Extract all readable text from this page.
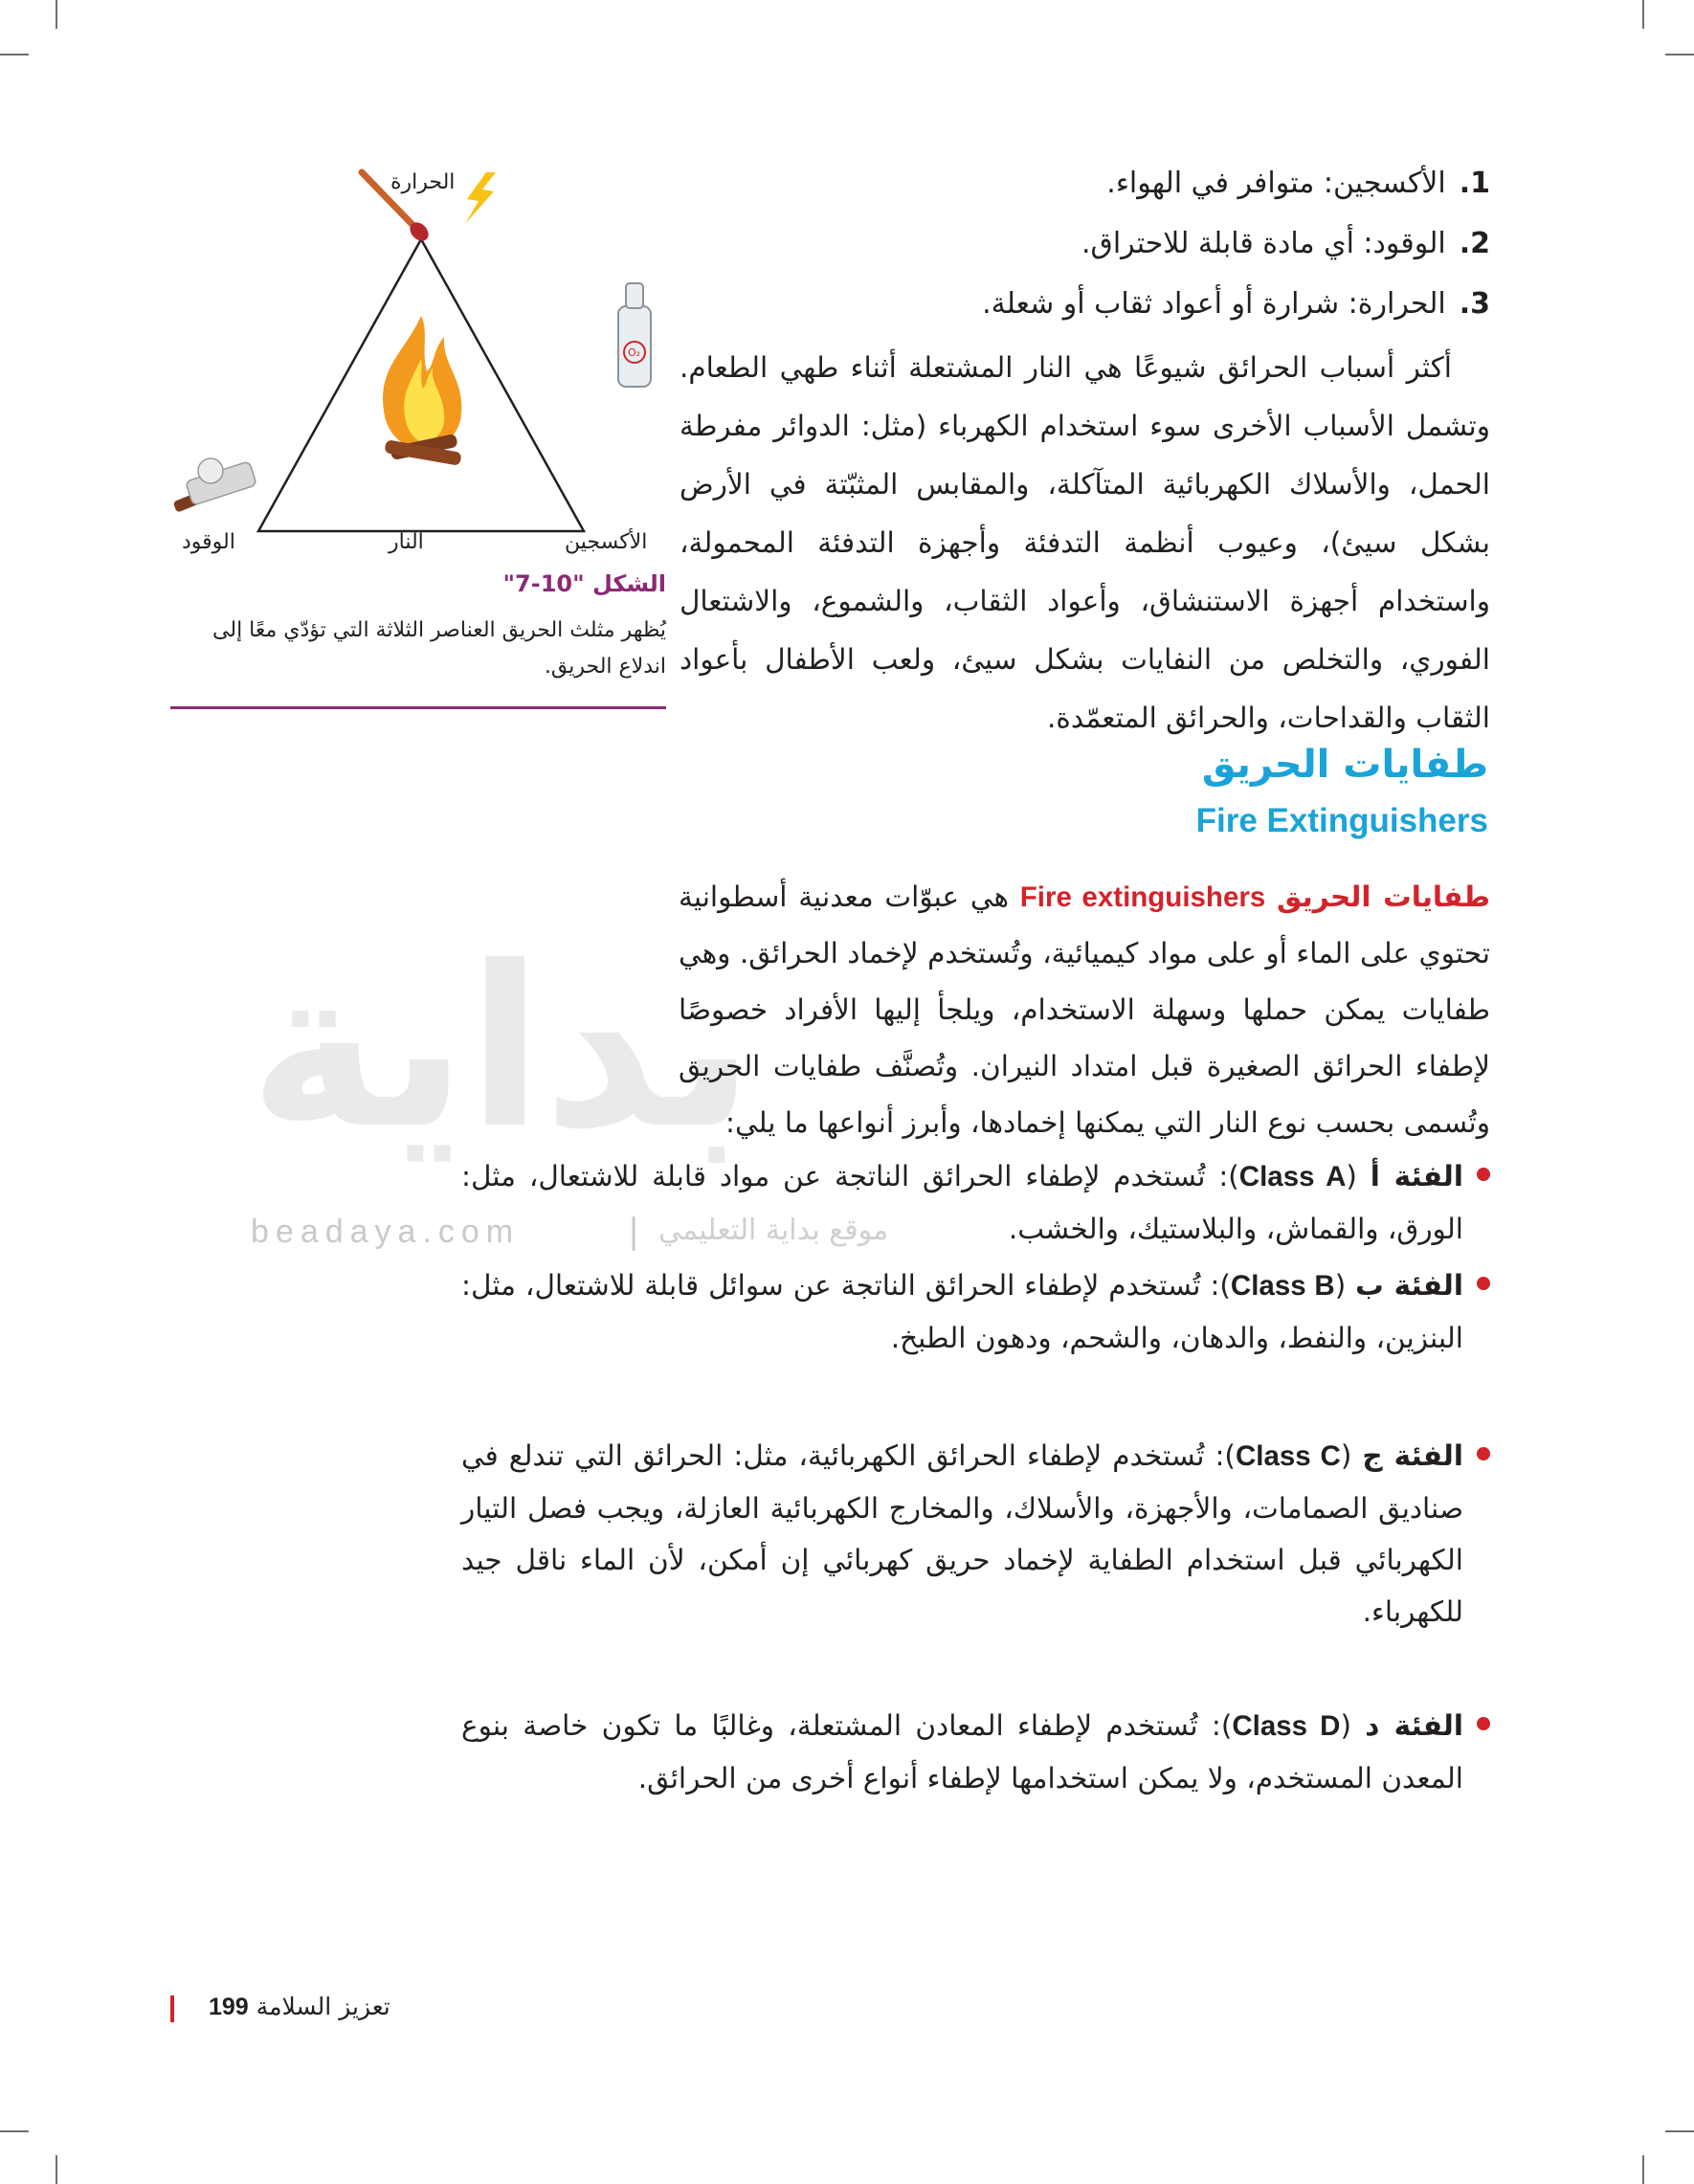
بداية
beadaya.com	| موقع بداية التعليمي
1.الأكسجين: متوافر في الهواء.
2.الوقود: أي مادة قابلة للاحتراق.
3.الحرارة: شرارة أو أعواد ثقاب أو شعلة.

أكثر أسباب الحرائق شيوعًا هي النار المشتعلة أثناء طهي الطعام. وتشمل الأسباب الأخرى سوء استخدام الكهرباء (مثل: الدوائر مفرطة الحمل، والأسلاك الكهربائية المتآكلة، والمقابس المثبّتة في الأرض بشكل سيئ)، وعيوب أنظمة التدفئة وأجهزة التدفئة المحمولة، واستخدام أجهزة الاستنشاق، وأعواد الثقاب، والشموع، والاشتعال الفوري، والتخلص من النفايات بشكل سيئ، ولعب الأطفال بأعواد الثقاب والقداحات، والحرائق المتعمّدة.

طفايات الحريق
Fire Extinguishers

طفايات الحريق Fire extinguishers هي عبوّات معدنية أسطوانية تحتوي على الماء أو على مواد كيميائية، وتُستخدم لإخماد الحرائق. وهي طفايات يمكن حملها وسهلة الاستخدام، ويلجأ إليها الأفراد خصوصًا لإطفاء الحرائق الصغيرة قبل امتداد النيران. وتُصنَّف طفايات الحريق وتُسمى بحسب نوع النار التي يمكنها إخمادها، وأبرز أنواعها ما يلي:

الفئة أ (Class A): تُستخدم لإطفاء الحرائق الناتجة عن مواد قابلة للاشتعال، مثل: الورق، والقماش، والبلاستيك، والخشب.
الفئة ب (Class B): تُستخدم لإطفاء الحرائق الناتجة عن سوائل قابلة للاشتعال، مثل: البنزين، والنفط، والدهان، والشحم، ودهون الطبخ.
الفئة ج (Class C): تُستخدم لإطفاء الحرائق الكهربائية، مثل: الحرائق التي تندلع في صناديق الصمامات، والأجهزة، والأسلاك، والمخارج الكهربائية العازلة، ويجب فصل التيار الكهربائي قبل استخدام الطفاية لإخماد حريق كهربائي إن أمكن، لأن الماء ناقل جيد للكهرباء.
الفئة د (Class D): تُستخدم لإطفاء المعادن المشتعلة، وغالبًا ما تكون خاصة بنوع المعدن المستخدم، ولا يمكن استخدامها لإطفاء أنواع أخرى من الحرائق.
O₂
الحرارة
الأكسجين
النار
الوقود
الشكل "10-7"
يُظهر مثلث الحريق العناصر الثلاثة التي تؤدّي معًا إلى اندلاع الحريق.
تعزيز السلامة 199
